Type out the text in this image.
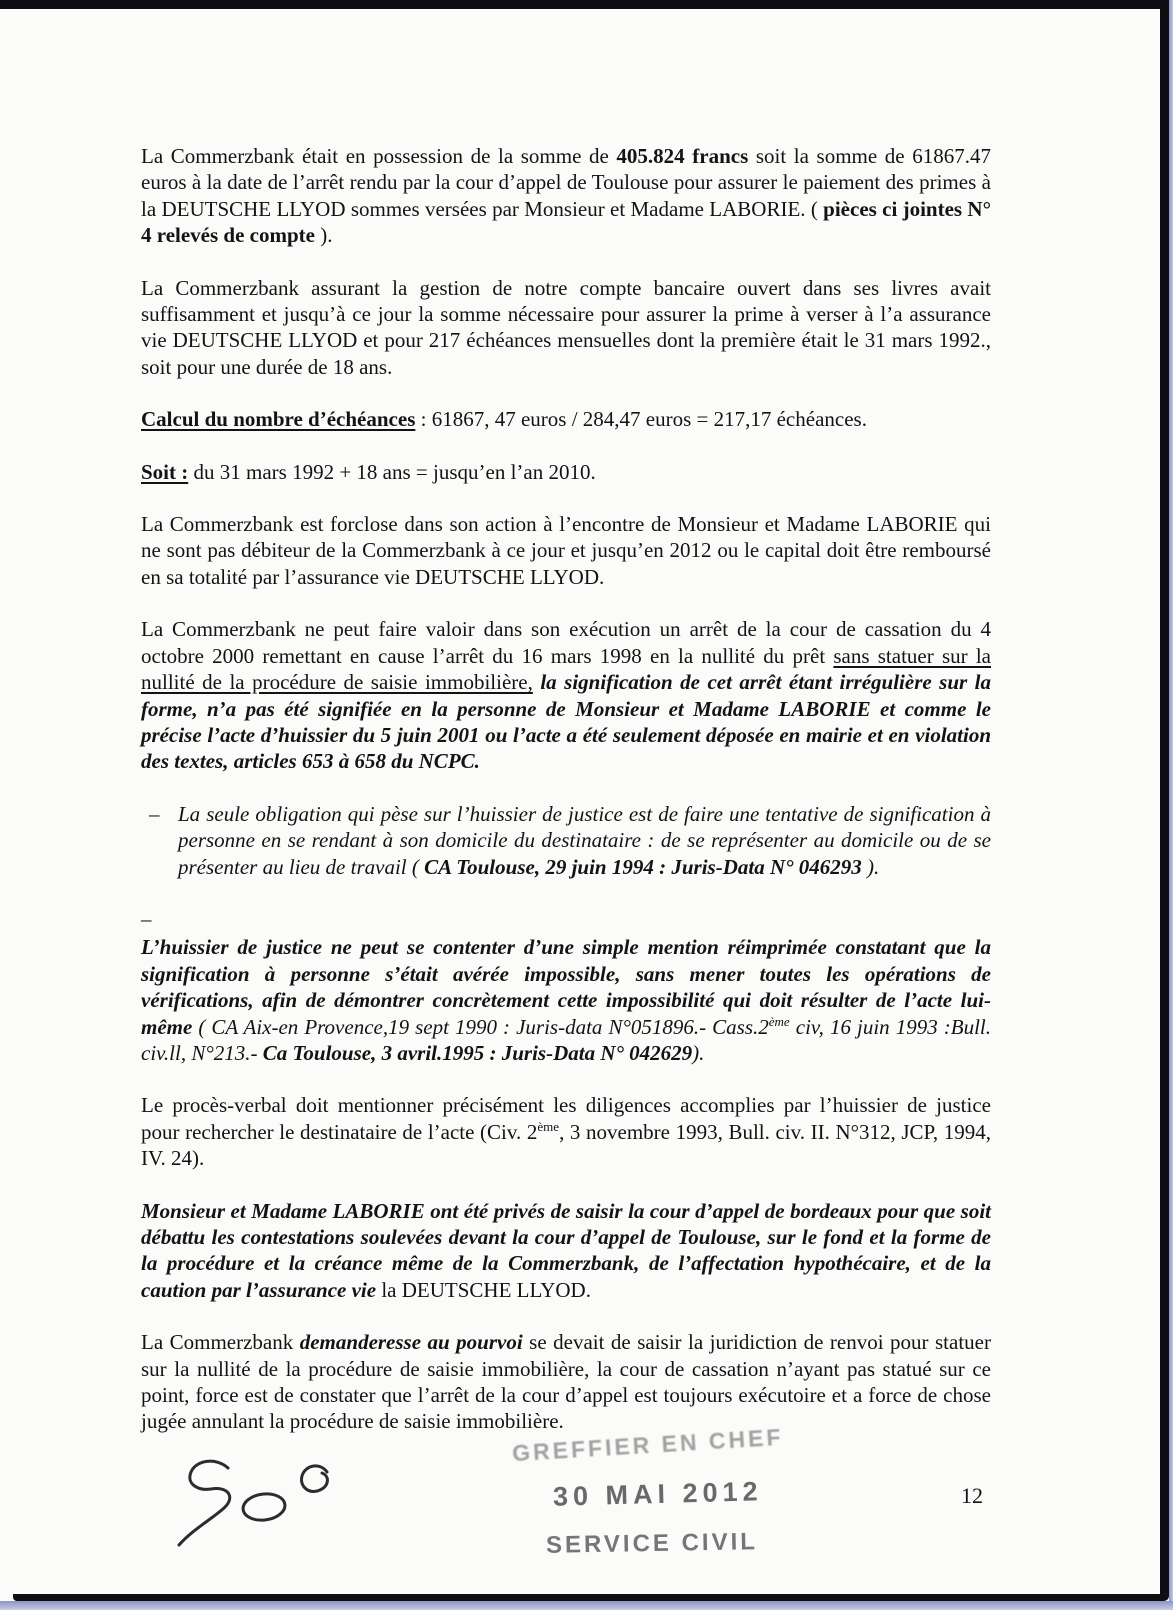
La Commerzbank était en possession de la somme de 405.824 francs soit la somme de 61867.47 euros à la date de l’arrêt rendu par la cour d’appel de Toulouse pour assurer le paiement des primes à la DEUTSCHE LLYOD sommes versées par Monsieur et Madame LABORIE. ( pièces ci jointes N° 4 relevés de compte ).

La Commerzbank assurant la gestion de notre compte bancaire ouvert dans ses livres avait suffisamment et jusqu’à ce jour la somme nécessaire pour assurer la prime à verser à l’a assurance vie DEUTSCHE LLYOD et pour 217 échéances mensuelles dont la première était le 31 mars 1992., soit pour une durée de 18 ans.

Calcul du nombre d’échéances : 61867, 47 euros / 284,47 euros = 217,17 échéances.

Soit : du 31 mars 1992 + 18 ans = jusqu’en l’an 2010.

La Commerzbank est forclose dans son action à l’encontre de Monsieur et Madame LABORIE qui ne sont pas débiteur de la Commerzbank à ce jour et jusqu’en 2012 ou le capital doit être remboursé en sa totalité par l’assurance vie DEUTSCHE LLYOD.

La Commerzbank ne peut faire valoir dans son exécution un arrêt de la cour de cassation du 4 octobre 2000 remettant en cause l’arrêt du 16 mars 1998 en la nullité du prêt sans statuer sur la nullité de la procédure de saisie immobilière, la signification de cet arrêt étant irrégulière sur la forme, n’a pas été signifiée en la personne de Monsieur et Madame LABORIE et comme le précise l’acte d’huissier du 5 juin 2001 ou l’acte a été seulement déposée en mairie et en violation des textes, articles 653 à 658 du NCPC.

– La seule obligation qui pèse sur l’huissier de justice est de faire une tentative de signification à personne en se rendant à son domicile du destinataire : de se représenter au domicile ou de se présenter au lieu de travail ( CA Toulouse, 29 juin 1994 : Juris-Data N° 046293 ).

–

L’huissier de justice ne peut se contenter d’une simple mention réimprimée constatant que la signification à personne s’était avérée impossible, sans mener toutes les opérations de vérifications, afin de démontrer concrètement cette impossibilité qui doit résulter de l’acte lui-même ( CA Aix-en Provence,19 sept 1990 : Juris-data N°051896.- Cass.2ème civ, 16 juin 1993 :Bull. civ.ll, N°213.- Ca Toulouse, 3 avril.1995 : Juris-Data N° 042629).

Le procès-verbal doit mentionner précisément les diligences accomplies par l’huissier de justice pour rechercher le destinataire de l’acte (Civ. 2ème, 3 novembre 1993, Bull. civ. II. N°312, JCP, 1994, IV. 24).

Monsieur et Madame LABORIE ont été privés de saisir la cour d’appel de bordeaux pour que soit débattu les contestations soulevées devant la cour d’appel de Toulouse, sur le fond et la forme de la procédure et la créance même de la Commerzbank, de l’affectation hypothécaire, et de la caution par l’assurance vie la DEUTSCHE LLYOD.

La Commerzbank demanderesse au pourvoi se devait de saisir la juridiction de renvoi pour statuer sur la nullité de la procédure de saisie immobilière, la cour de cassation n’ayant pas statué sur ce point, force est de constater que l’arrêt de la cour d’appel est toujours exécutoire et a force de chose jugée annulant la procédure de saisie immobilière.

GREFFIER EN CHEF
30 MAI 2012
SERVICE CIVIL
12
